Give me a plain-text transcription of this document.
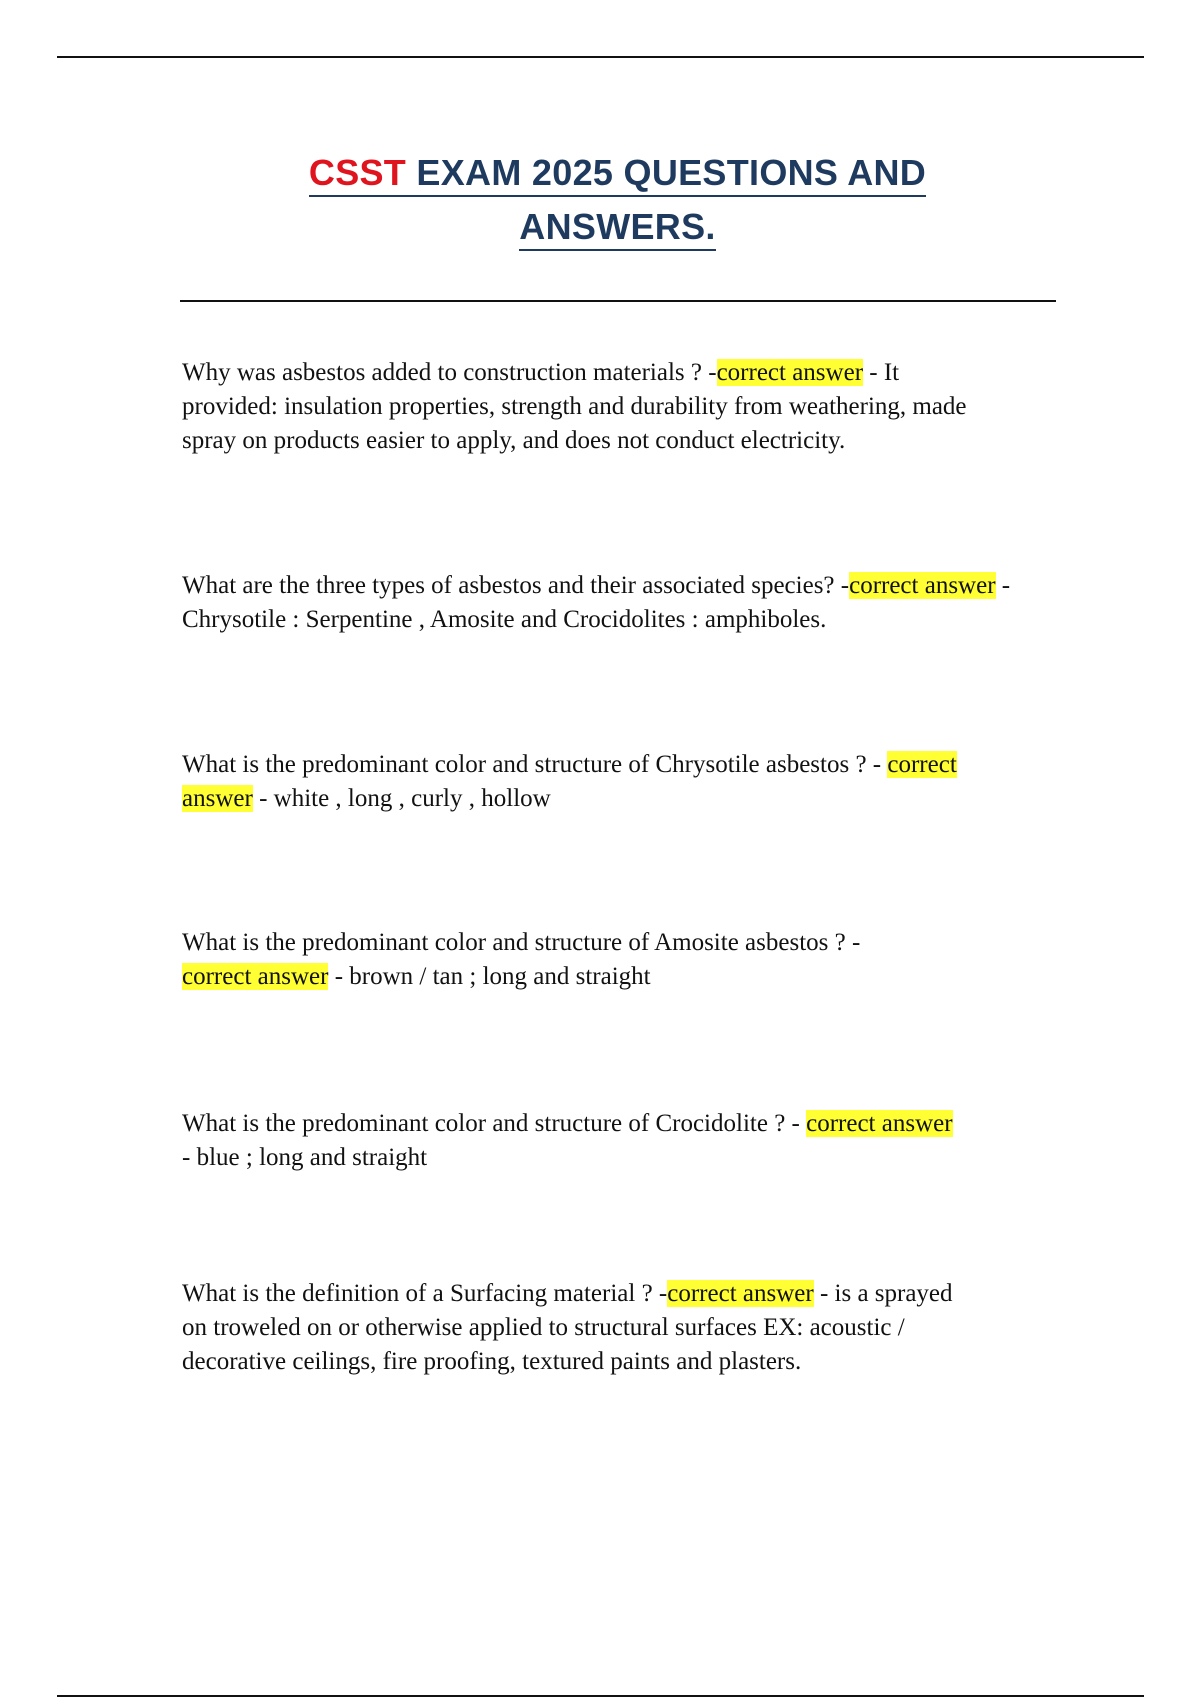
CSST EXAM 2025 QUESTIONS AND
ANSWERS.

Why was asbestos added to construction materials ? -correct answer - It provided: insulation properties, strength and durability from weathering, made spray on products easier to apply, and does not conduct electricity.

What are the three types of asbestos and their associated species? -correct answer - Chrysotile : Serpentine , Amosite and Crocidolites : amphiboles.

What is the predominant color and structure of Chrysotile asbestos ? - correct answer - white , long , curly , hollow

What is the predominant color and structure of Amosite asbestos ? -correct answer - brown / tan ; long and straight

What is the predominant color and structure of Crocidolite ? - correct answer - blue ; long and straight

What is the definition of a Surfacing material ? -correct answer - is a sprayed on troweled on or otherwise applied to structural surfaces EX: acoustic / decorative ceilings, fire proofing, textured paints and plasters.
